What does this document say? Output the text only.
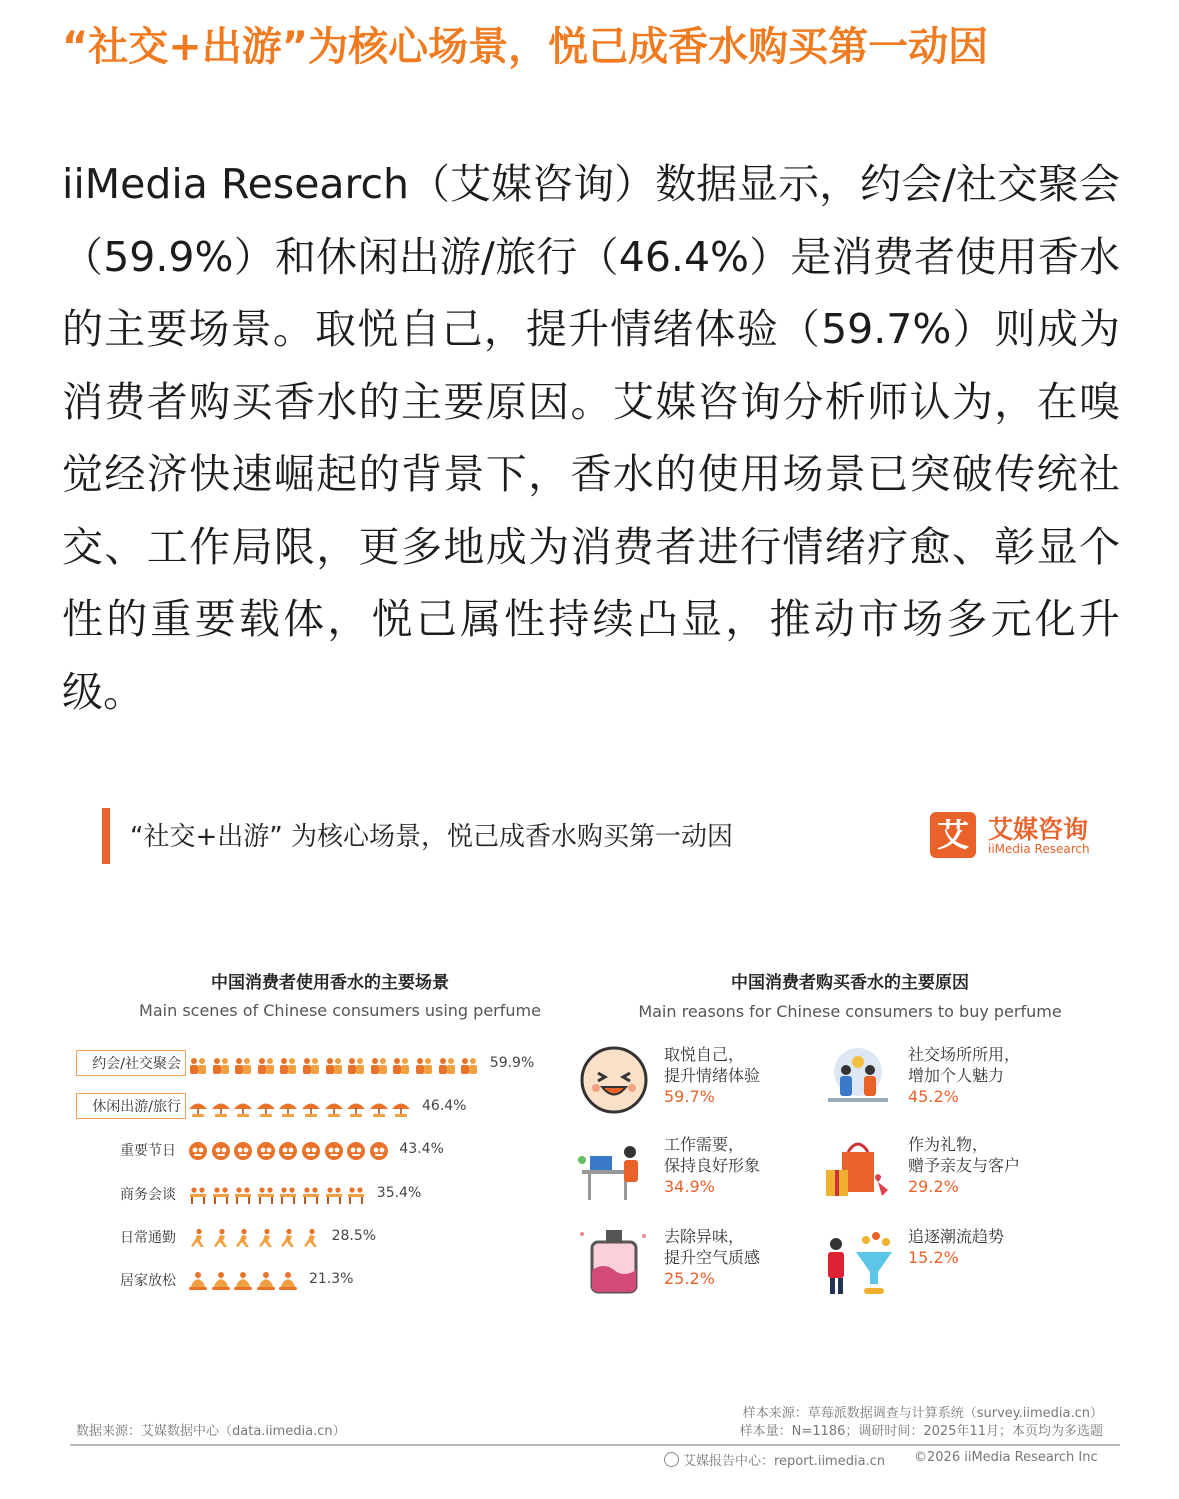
“社交+出游”为核心场景，悦己成香水购买第一动因

iiMedia Research（艾媒咨询）数据显示，约会/社交聚会（59.9%）和休闲出游/旅行（46.4%）是消费者使用香水的主要场景。取悦自己，提升情绪体验（59.7%）则成为消费者购买香水的主要原因。艾媒咨询分析师认为，在嗅觉经济快速崛起的背景下，香水的使用场景已突破传统社交、工作局限，更多地成为消费者进行情绪疗愈、彰显个性的重要载体，悦己属性持续凸显，推动市场多元化升级。

“社交+出游” 为核心场景，悦己成香水购买第一动因	艾 艾媒咨询
iiMedia Research
中国消费者使用香水的主要场景
Main scenes of Chinese consumers using perfume
约会/社交聚会	59.9%
休闲出游/旅行	46.4%
重要节日	43.4%
商务会谈	35.4%
日常通勤	28.5%
居家放松	21.3%
中国消费者购买香水的主要原因
Main reasons for Chinese consumers to buy perfume
取悦自己，
提升情绪体验
59.7%
社交场所所用，
增加个人魅力
45.2%
工作需要，
保持良好形象
34.9%
作为礼物，
赠予亲友与客户
29.2%
去除异味，
提升空气质感
25.2%
追逐潮流趋势
15.2%
样本来源：草莓派数据调查与计算系统（survey.iimedia.cn）
数据来源：艾媒数据中心（data.iimedia.cn）	样本量：N=1186；调研时间：2025年11月；本页均为多选题
艾媒报告中心：report.iimedia.cn ©2026 iiMedia Research Inc
